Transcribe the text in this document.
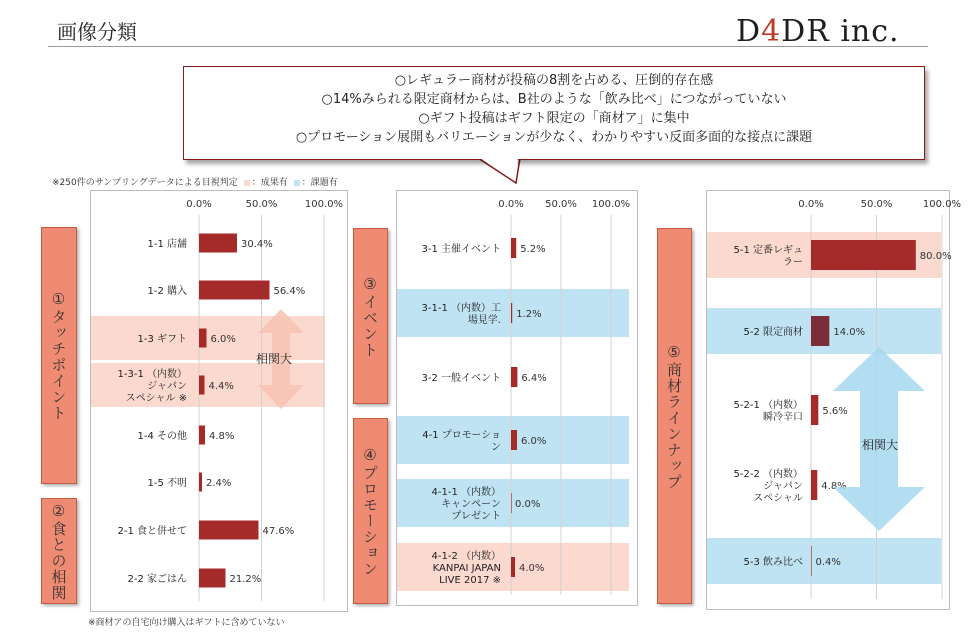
画像分類	D4DR inc.
○レギュラー商材が投稿の8割を占める、圧倒的存在感
○14%みられる限定商材からは、B社のような「飲み比べ」につながっていない
○ギフト投稿はギフト限定の「商材ア」に集中
○プロモーション展開もバリエーションが少なく、わかりやすい反面多面的な接点に課題
※250件のサンプリングデータによる目視判定 ：成果有 ：課題有
①タッチポイント
②食との相関
③イベント
④プロモーション
⑤商材ラインナップ
0.0%	50.0%	100.0%
30.4%
1-1 店舗
56.4%
1-2 購入
6.0%
1-3 ギフト
4.4%
1-3-1 （内数）ジャパンスペシャル ※
4.8%
1-4 その他
2.4%
1-5 不明
47.6%
2-1 食と併せて
21.2%
2-2 家ごはん
相関大
0.0% 50.0% 100.0%
5.2%
3-1 主催イベント
1.2%
3-1-1 （内数）工場見学.
6.4%
3-2 一般イベント
6.0%
4-1 プロモーション
0.0%
4-1-1 （内数）キャンペーンプレゼント
4.0%
4-1-2 （内数） KANPAI JAPAN LIVE 2017 ※
0.0%	50.0%	100.0%
80.0%
5-1 定番レギュラー
14.0%
5-2 限定商材
5.6%
5-2-1 （内数）瞬冷辛口
4.8%
5-2-2 （内数）ジャパンスペシャル
0.4%
5-3 飲み比べ
相関大
※商材アの自宅向け購入はギフトに含めていない
